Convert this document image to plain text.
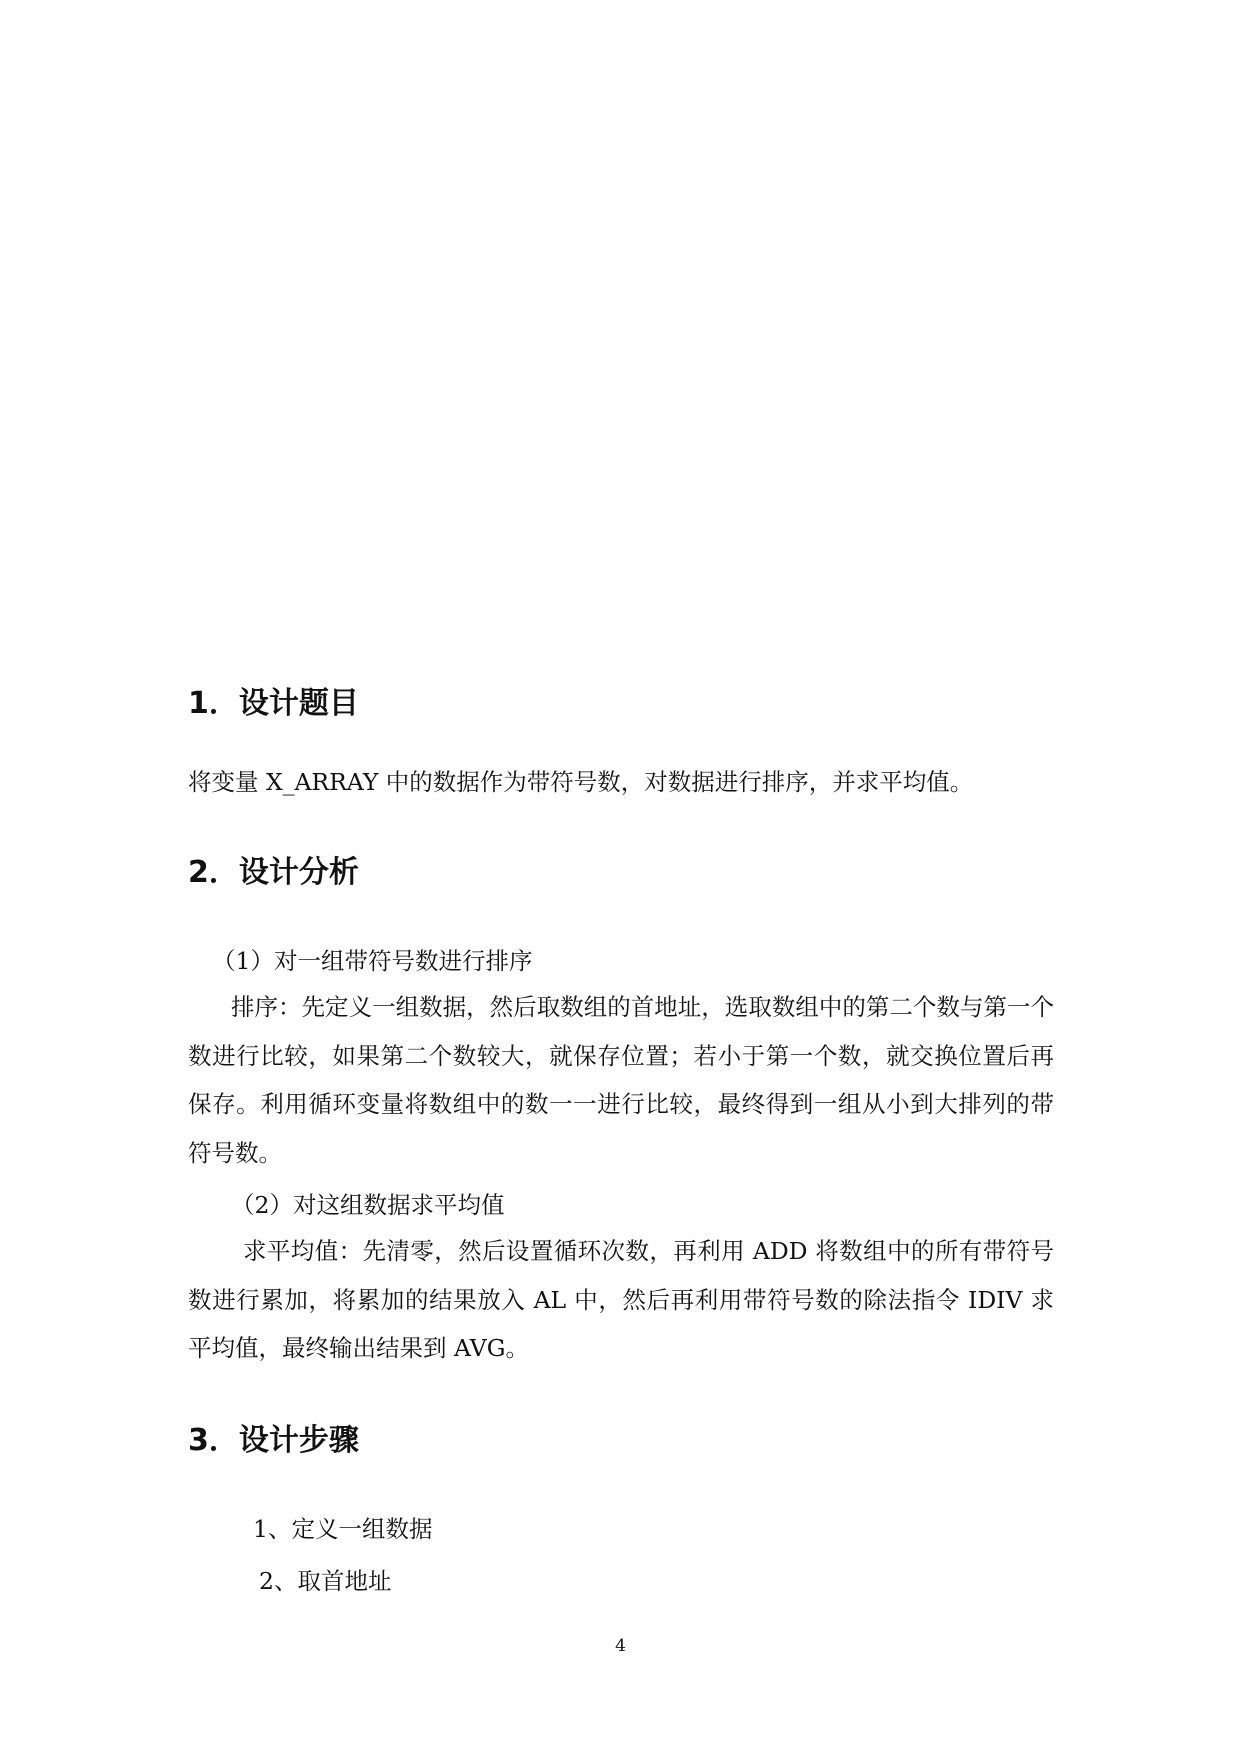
1．设计题目
将变量 X_ARRAY 中的数据作为带符号数，对数据进行排序，并求平均值。
2．设计分析
（1）对一组带符号数进行排序
排序：先定义一组数据，然后取数组的首地址，选取数组中的第二个数与第一个数进行比较，如果第二个数较大，就保存位置；若小于第一个数，就交换位置后再保存。利用循环变量将数组中的数一一进行比较，最终得到一组从小到大排列的带符号数。
（2）对这组数据求平均值
求平均值：先清零，然后设置循环次数，再利用 ADD 将数组中的所有带符号数进行累加，将累加的结果放入 AL 中，然后再利用带符号数的除法指令 IDIV 求平均值，最终输出结果到 AVG。
3．设计步骤
1、定义一组数据
2、取首地址
4
